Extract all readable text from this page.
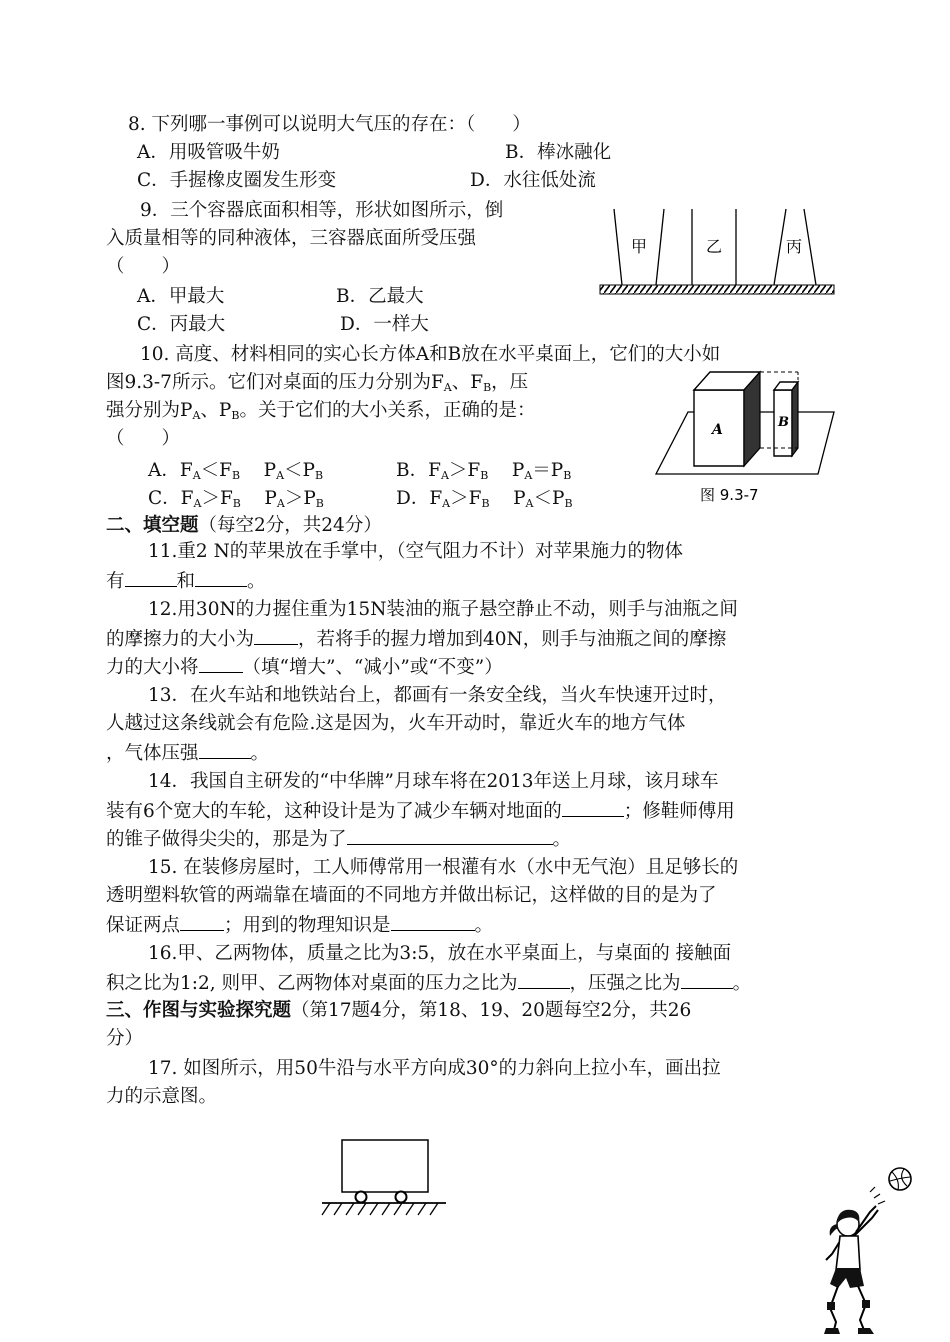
8. 下列哪一事例可以说明大气压的存在：（　　）
A．用吸管吸牛奶	B．棒冰融化
C．手握橡皮圈发生形变	D．水往低处流
9．三个容器底面积相等，形状如图所示，倒
入质量相等的同种液体，三容器底面所受压强
（　　）
A．甲最大	B．乙最大
C．丙最大	D．一样大
甲	乙	丙
10. 高度、材料相同的实心长方体A和B放在水平桌面上，它们的大小如
图9.3-7所示。它们对桌面的压力分别为$F_A$、$F_B$，压
强分别为$P_A$、$P_B$。关于它们的大小关系，正确的是：
（　　）
A．$F_A<F_B$ $P_A<P_B$	B．$F_A>F_B$ $P_A=P_B$
C．$F_A>F_B$ $P_A>P_B$	D．$F_A>F_B$ $P_A<P_B$
A	B
图 9.3-7
二、填空题（每空2分，共24分）
11.重2 N的苹果放在手掌中，（空气阻力不计）对苹果施力的物体
有	和	。
12.用30N的力握住重为15N装油的瓶子悬空静止不动，则手与油瓶之间
的摩擦力的大小为 ，若将手的握力增加到40N，则手与油瓶之间的摩擦
力的大小将 （填“增大”、“减小”或“不变”）
13．在火车站和地铁站台上，都画有一条安全线，当火车快速开过时，
人越过这条线就会有危险.这是因为，火车开动时，靠近火车的地方气体
，气体压强	。
14．我国自主研发的“中华牌”月球车将在2013年送上月球，该月球车
装有6个宽大的车轮，这种设计是为了减少车辆对地面的	；修鞋师傅用
的锥子做得尖尖的，那是为了	。
15. 在装修房屋时，工人师傅常用一根灌有水（水中无气泡）且足够长的
透明塑料软管的两端靠在墙面的不同地方并做出标记，这样做的目的是为了
保证两点 ；用到的物理知识是	。
16.甲、乙两物体，质量之比为3:5，放在水平桌面上，与桌面的 接触面
积之比为1:2, 则甲、乙两物体对桌面的压力之比为	，压强之比为	。
三、作图与实验探究题（第17题4分，第18、19、20题每空2分，共26
分）
17. 如图所示，用50牛沿与水平方向成30°的力斜向上拉小车，画出拉
力的示意图。
